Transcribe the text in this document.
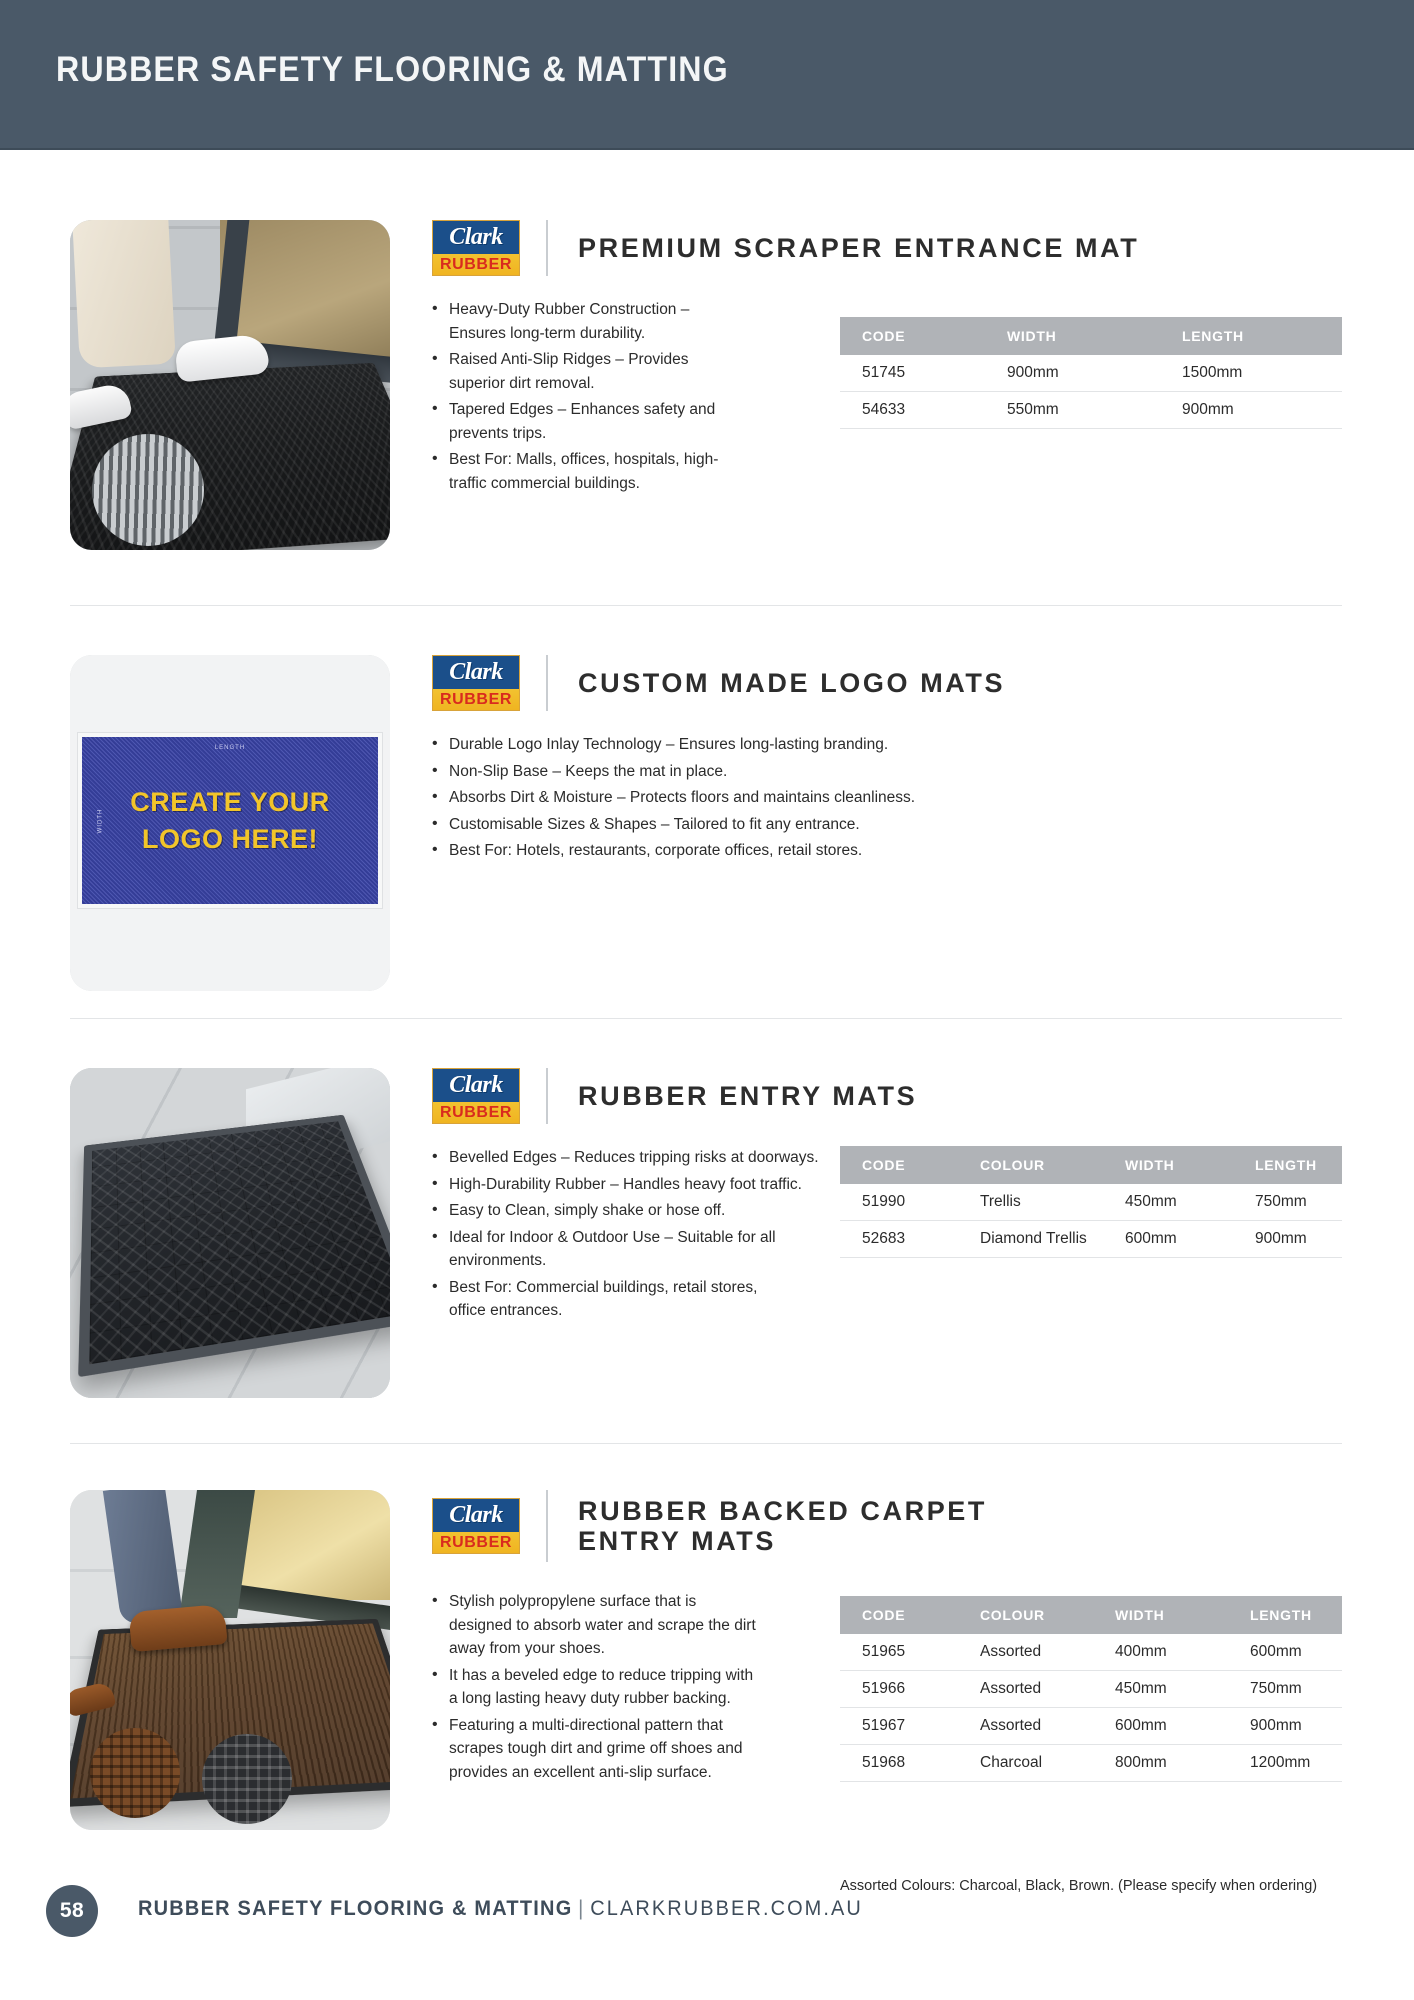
RUBBER SAFETY FLOORING & MATTING
Clark
RUBBER
PREMIUM SCRAPER ENTRANCE MAT
• Heavy-Duty Rubber Construction – Ensures long-term durability.
• Raised Anti-Slip Ridges – Provides superior dirt removal.
• Tapered Edges – Enhances safety and prevents trips.
• Best For: Malls, offices, hospitals, high-traffic commercial buildings.
CODE	WIDTH	LENGTH
51745	900mm	1500mm
54633	550mm	900mm
LENGTH
WIDTH
CREATE YOUR
LOGO HERE!
Clark
RUBBER
CUSTOM MADE LOGO MATS
• Durable Logo Inlay Technology – Ensures long-lasting branding.
• Non-Slip Base – Keeps the mat in place.
• Absorbs Dirt & Moisture – Protects floors and maintains cleanliness.
• Customisable Sizes & Shapes – Tailored to fit any entrance.
• Best For: Hotels, restaurants, corporate offices, retail stores.
Clark
RUBBER
RUBBER ENTRY MATS
• Bevelled Edges – Reduces tripping risks at doorways.
• High-Durability Rubber – Handles heavy foot traffic.
• Easy to Clean, simply shake or hose off.
• Ideal for Indoor & Outdoor Use – Suitable for all environments.
• Best For: Commercial buildings, retail stores, office entrances.
CODE	COLOUR	WIDTH	LENGTH
51990	Trellis	450mm	750mm
52683	Diamond Trellis	600mm	900mm
Clark
RUBBER
RUBBER BACKED CARPET
ENTRY MATS
• Stylish polypropylene surface that is designed to absorb water and scrape the dirt away from your shoes.
• It has a beveled edge to reduce tripping with a long lasting heavy duty rubber backing.
• Featuring a multi-directional pattern that scrapes tough dirt and grime off shoes and provides an excellent anti-slip surface.
CODE	COLOUR	WIDTH	LENGTH
51965	Assorted	400mm	600mm
51966	Assorted	450mm	750mm
51967	Assorted	600mm	900mm
51968	Charcoal	800mm	1200mm
Assorted Colours: Charcoal, Black, Brown. (Please specify when ordering)
58	RUBBER SAFETY FLOORING & MATTING | CLARKRUBBER.COM.AU
